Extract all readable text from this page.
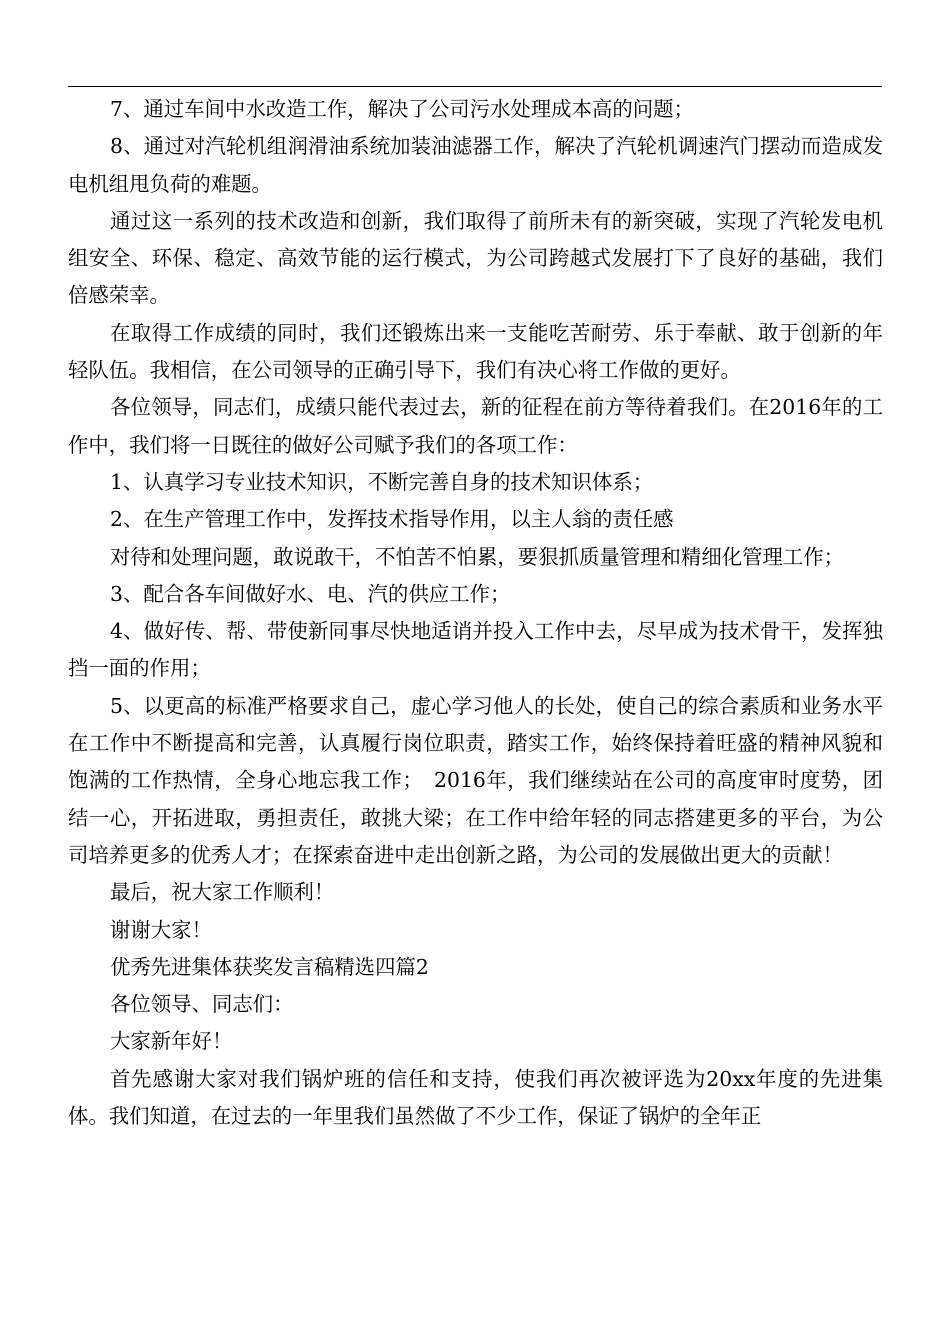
7、通过车间中水改造工作，解决了公司污水处理成本高的问题；

8、通过对汽轮机组润滑油系统加装油滤器工作，解决了汽轮机调速汽门摆动而造成发电机组甩负荷的难题。

通过这一系列的技术改造和创新，我们取得了前所未有的新突破，实现了汽轮发电机组安全、环保、稳定、高效节能的运行模式，为公司跨越式发展打下了良好的基础，我们倍感荣幸。

在取得工作成绩的同时，我们还锻炼出来一支能吃苦耐劳、乐于奉献、敢于创新的年轻队伍。我相信，在公司领导的正确引导下，我们有决心将工作做的更好。

各位领导，同志们，成绩只能代表过去，新的征程在前方等待着我们。在2016年的工作中，我们将一日既往的做好公司赋予我们的各项工作：

1、认真学习专业技术知识，不断完善自身的技术知识体系；

2、在生产管理工作中，发挥技术指导作用，以主人翁的责任感

对待和处理问题，敢说敢干，不怕苦不怕累，要狠抓质量管理和精细化管理工作；

3、配合各车间做好水、电、汽的供应工作；

4、做好传、帮、带使新同事尽快地适诮并投入工作中去，尽早成为技术骨干，发挥独挡一面的作用；

5、以更高的标准严格要求自己，虚心学习他人的长处，使自己的综合素质和业务水平在工作中不断提高和完善，认真履行岗位职责，踏实工作，始终保持着旺盛的精神风貌和饱满的工作热情，全身心地忘我工作；　2016年，我们继续站在公司的高度审时度势，团结一心，开拓进取，勇担责任，敢挑大梁；在工作中给年轻的同志搭建更多的平台，为公司培养更多的优秀人才；在探索奋进中走出创新之路，为公司的发展做出更大的贡献！

最后，祝大家工作顺利！

谢谢大家！

优秀先进集体获奖发言稿精选四篇2

各位领导、同志们：

大家新年好！

首先感谢大家对我们锅炉班的信任和支持，使我们再次被评选为20xx年度的先进集体。我们知道，在过去的一年里我们虽然做了不少工作，保证了锅炉的全年正
